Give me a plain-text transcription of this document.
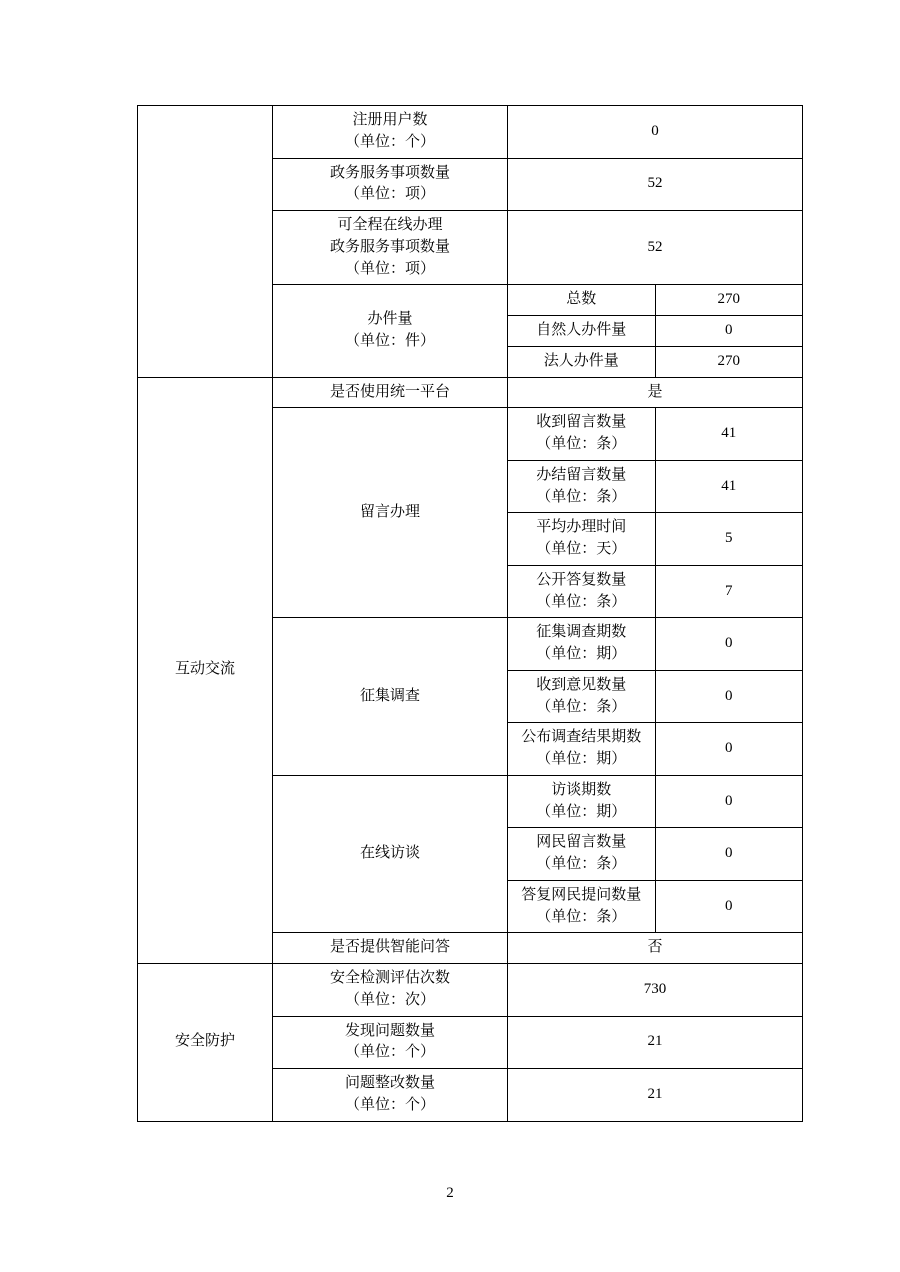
	注册用户数
（单位：个）	0	

	政务服务事项数量
（单位：项）	52	

	可全程在线办理
政务服务事项数量
（单位：项）	52	

	办件量
（单位：件）	总数	270
		自然人办件量	0
		法人办件量	270
互动交流	是否使用统一平台	是	

	留言办理	收到留言数量
（单位：条）	41

		办结留言数量
（单位：条）	41

		平均办理时间
（单位：天）	5

		公开答复数量
（单位：条）	7

	征集调查	征集调查期数
（单位：期）	0

		收到意见数量
（单位：条）	0

		公布调查结果期数
（单位：期）	0

	在线访谈	访谈期数
（单位：期）	0

		网民留言数量
（单位：条）	0

		答复网民提问数量
（单位：条）	0

	是否提供智能问答	否	
安全防护	安全检测评估次数
（单位：次）	730	

	发现问题数量
（单位：个）	21	

	问题整改数量
（单位：个）	21	
2
